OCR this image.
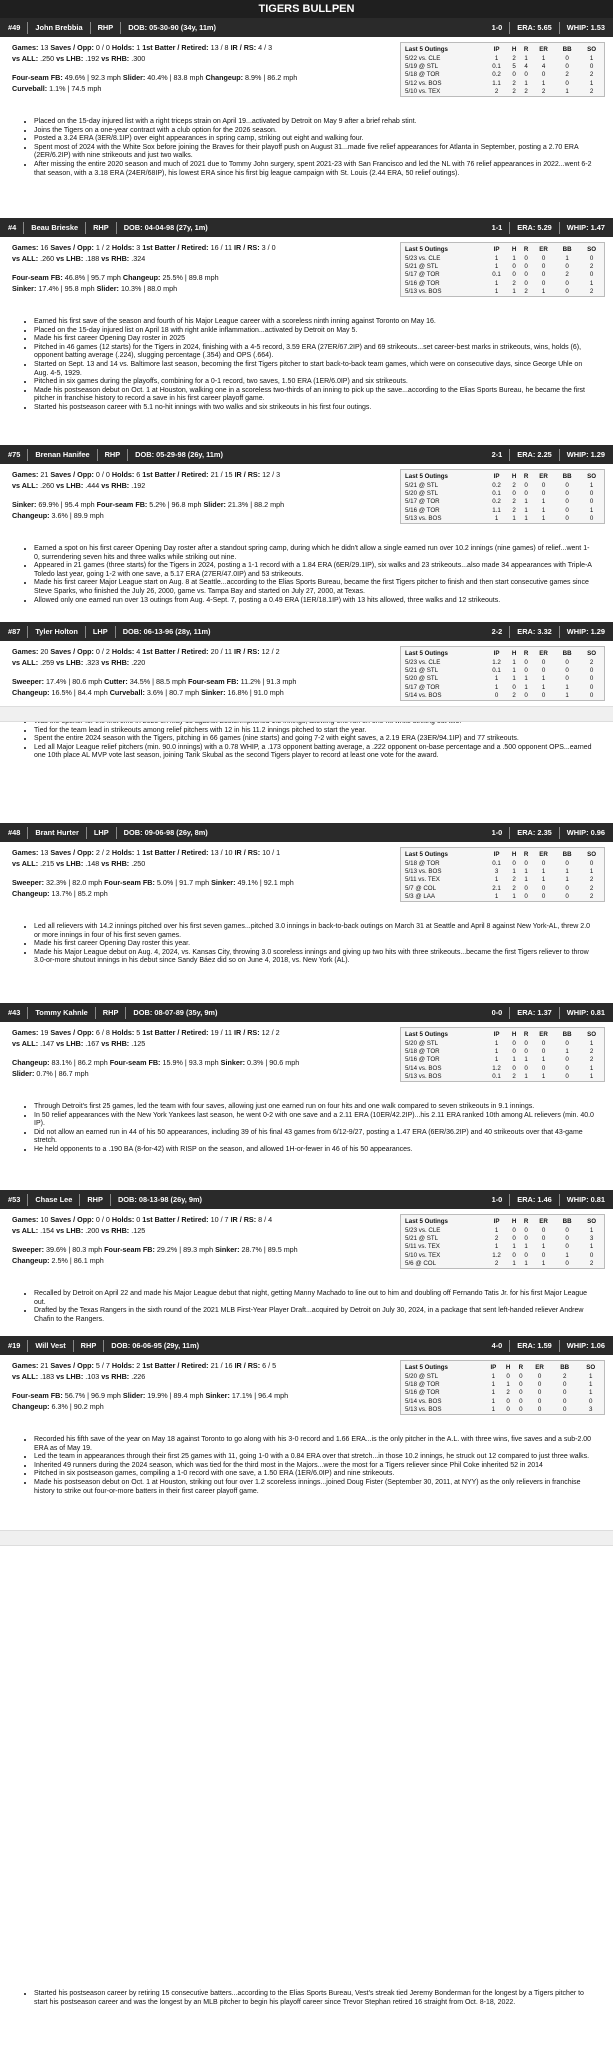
TIGERS BULLPEN
#49 John Brebbia RHP DOB: 05-30-90 (34y, 11m)	1-0 ERA: 5.65 WHIP: 1.53
Games: 13 Saves / Opp: 0 / 0 Holds: 1 1st Batter / Retired: 13 / 8 IR / RS: 4 / 3
vs ALL: .250 vs LHB: .192 vs RHB: .300
Four-seam FB: 49.6% | 92.3 mph Slider: 40.4% | 83.8 mph Changeup: 8.9% | 86.2 mph
Curveball: 1.1% | 74.5 mph
Last 5 Outings	IP	H	R	ER	BB	SO
5/22 vs. CLE	1	2	1	1	0	1
5/19 @ STL	0.1	5	4	4	0	0
5/18 @ TOR	0.2	0	0	0	2	2
5/12 vs. BOS	1.1	2	1	1	0	1
5/10 vs. TEX	2	2	2	2	1	2
• Placed on the 15-day injured list with a right triceps strain on April 19...activated by Detroit on May 9 after a brief rehab stint.
• Joins the Tigers on a one-year contract with a club option for the 2026 season.
• Posted a 3.24 ERA (3ER/8.1IP) over eight appearances in spring camp, striking out eight and walking four.
• Spent most of 2024 with the White Sox before joining the Braves for their playoff push on August 31...made five relief appearances for Atlanta in September, posting a 2.70 ERA (2ER/6.2IP) with nine strikeouts and just two walks.
• After missing the entire 2020 season and much of 2021 due to Tommy John surgery, spent 2021-23 with San Francisco and led the NL with 76 relief appearances in 2022...went 6-2 that season, with a 3.18 ERA (24ER/68IP), his lowest ERA since his first big league campaign with St. Louis (2.44 ERA, 50 relief outings).
#4 Beau Brieske RHP DOB: 04-04-98 (27y, 1m)	1-1 ERA: 5.29 WHIP: 1.47
Games: 16 Saves / Opp: 1 / 2 Holds: 3 1st Batter / Retired: 16 / 11 IR / RS: 3 / 0
vs ALL: .260 vs LHB: .188 vs RHB: .324
Four-seam FB: 46.8% | 95.7 mph Changeup: 25.5% | 89.8 mph
Sinker: 17.4% | 95.8 mph Slider: 10.3% | 88.0 mph
Last 5 Outings	IP	H	R	ER	BB	SO
5/23 vs. CLE	1	1	0	0	1	0
5/21 @ STL	1	0	0	0	0	2
5/17 @ TOR	0.1	0	0	0	2	0
5/16 @ TOR	1	2	0	0	0	1
5/13 vs. BOS	1	1	2	1	0	2
• Earned his first save of the season and fourth of his Major League career with a scoreless ninth inning against Toronto on May 16.
• Placed on the 15-day injured list on April 18 with right ankle inflammation...activated by Detroit on May 5.
• Made his first career Opening Day roster in 2025
• Pitched in 46 games (12 starts) for the Tigers in 2024, finishing with a 4-5 record, 3.59 ERA (27ER/67.2IP) and 69 strikeouts...set career-best marks in strikeouts, wins, holds (6), opponent batting average (.224), slugging percentage (.354) and OPS (.664).
• Started on Sept. 13 and 14 vs. Baltimore last season, becoming the first Tigers pitcher to start back-to-back team games, which were on consecutive days, since George Uhle on Aug. 4-5, 1929.
• Pitched in six games during the playoffs, combining for a 0-1 record, two saves, 1.50 ERA (1ER/6.0IP) and six strikeouts.
• Made his postseason debut on Oct. 1 at Houston, walking one in a scoreless two-thirds of an inning to pick up the save...according to the Elias Sports Bureau, he became the first pitcher in franchise history to record a save in his first career playoff game.
• Started his postseason career with 5.1 no-hit innings with two walks and six strikeouts in his first four outings.
#75 Brenan Hanifee RHP DOB: 05-29-98 (26y, 11m)	2-1 ERA: 2.25 WHIP: 1.29
Games: 21 Saves / Opp: 0 / 0 Holds: 6 1st Batter / Retired: 21 / 15 IR / RS: 12 / 3
vs ALL: .260 vs LHB: .444 vs RHB: .192
Sinker: 69.9% | 95.4 mph Four-seam FB: 5.2% | 96.8 mph Slider: 21.3% | 88.2 mph
Changeup: 3.6% | 89.9 mph
Last 5 Outings	IP	H	R	ER	BB	SO
5/21 @ STL	0.2	2	0	0	0	1
5/20 @ STL	0.1	0	0	0	0	0
5/17 @ TOR	0.2	2	1	1	0	0
5/16 @ TOR	1.1	2	1	1	0	1
5/13 vs. BOS	1	1	1	1	0	0
• Earned a spot on his first career Opening Day roster after a standout spring camp, during which he didn't allow a single earned run over 10.2 innings (nine games) of relief...went 1-0, surrendering seven hits and three walks while striking out nine.
• Appeared in 21 games (three starts) for the Tigers in 2024, posting a 1-1 record with a 1.84 ERA (6ER/29.1IP), six walks and 23 strikeouts...also made 34 appearances with Triple-A Toledo last year, going 1-2 with one save, a 5.17 ERA (27ER/47.0IP) and 53 strikeouts.
• Made his first career Major League start on Aug. 8 at Seattle...according to the Elias Sports Bureau, became the first Tigers pitcher to finish and then start consecutive games since Steve Sparks, who finished the July 26, 2000, game vs. Tampa Bay and started on July 27, 2000, at Texas.
• Allowed only one earned run over 13 outings from Aug. 4-Sept. 7, posting a 0.49 ERA (1ER/18.1IP) with 13 hits allowed, three walks and 12 strikeouts.
#87 Tyler Holton LHP DOB: 06-13-96 (28y, 11m)	2-2 ERA: 3.32 WHIP: 1.29
Games: 20 Saves / Opp: 0 / 2 Holds: 4 1st Batter / Retired: 20 / 11 IR / RS: 12 / 2
vs ALL: .259 vs LHB: .323 vs RHB: .220
Sweeper: 17.4% | 80.6 mph Cutter: 34.5% | 88.5 mph Four-seam FB: 11.2% | 91.3 mph
Changeup: 16.5% | 84.4 mph Curveball: 3.6% | 80.7 mph Sinker: 16.8% | 91.0 mph
Last 5 Outings	IP	H	R	ER	BB	SO
5/23 vs. CLE	1.2	1	0	0	0	2
5/21 @ STL	0.1	1	0	0	0	0
5/20 @ STL	1	1	1	1	0	0
5/17 @ TOR	1	0	1	1	1	0
5/14 vs. BOS	0	2	0	0	1	0
•
• Tied for the team lead in strikeouts among relief pitchers with 12 in his 11.2 innings pitched to start the year.
• Spent the entire 2024 season with the Tigers, pitching in 66 games (nine starts) and going 7-2 with eight saves, a 2.19 ERA (23ER/94.1IP) and 77 strikeouts.
• Led all Major League relief pitchers (min. 90.0 innings) with a 0.78 WHIP, a .173 opponent batting average, a .222 opponent on-base percentage and a .500 opponent OPS...earned one 10th place AL MVP vote last season, joining Tarik Skubal as the second Tigers player to record at least one vote for the award.
#48 Brant Hurter LHP DOB: 09-06-98 (26y, 8m)	1-0 ERA: 2.35 WHIP: 0.96
Games: 13 Saves / Opp: 2 / 2 Holds: 1 1st Batter / Retired: 13 / 10 IR / RS: 10 / 1
vs ALL: .215 vs LHB: .148 vs RHB: .250
Sweeper: 32.3% | 82.0 mph Four-seam FB: 5.0% | 91.7 mph Sinker: 49.1% | 92.1 mph
Changeup: 13.7% | 85.2 mph
Last 5 Outings	IP	H	R	ER	BB	SO
5/18 @ TOR	0.1	0	0	0	0	0
5/13 vs. BOS	3	1	1	1	1	1
5/11 vs. TEX	1	2	1	1	1	2
5/7 @ COL	2.1	2	0	0	0	2
5/3 @ LAA	1	1	0	0	0	2
• Led all relievers with 14.2 innings pitched over his first seven games...pitched 3.0 innings in back-to-back outings on March 31 at Seattle and April 8 against New York-AL, threw 2.0 or more innings in four of his first seven games.
• Made his first career Opening Day roster this year.
• Made his Major League debut on Aug. 4, 2024, vs. Kansas City, throwing 3.0 scoreless innings and giving up two hits with three strikeouts...became the first Tigers reliever to throw 3.0-or-more shutout innings in his debut since Sandy Báez did so on June 4, 2018, vs. New York (AL).
#43 Tommy Kahnle RHP DOB: 08-07-89 (35y, 9m)	0-0 ERA: 1.37 WHIP: 0.81
Games: 19 Saves / Opp: 6 / 8 Holds: 5 1st Batter / Retired: 19 / 11 IR / RS: 12 / 2
vs ALL: .147 vs LHB: .167 vs RHB: .125
Changeup: 83.1% | 86.2 mph Four-seam FB: 15.9% | 93.3 mph Sinker: 0.3% | 90.6 mph
Slider: 0.7% | 86.7 mph
Last 5 Outings	IP	H	R	ER	BB	SO
5/20 @ STL	1	0	0	0	0	1
5/18 @ TOR	1	0	0	0	1	2
5/16 @ TOR	1	1	1	1	0	2
5/14 vs. BOS	1.2	0	0	0	0	1
5/13 vs. BOS	0.1	2	1	1	0	1
• Through Detroit's first 25 games, led the team with four saves, allowing just one earned run on four hits and one walk compared to seven strikeouts in 9.1 innings.
• In 50 relief appearances with the New York Yankees last season, he went 0-2 with one save and a 2.11 ERA (10ER/42.2IP)...his 2.11 ERA ranked 10th among AL relievers (min. 40.0 IP).
• Did not allow an earned run in 44 of his 50 appearances, including 39 of his final 43 games from 6/12-9/27, posting a 1.47 ERA (6ER/36.2IP) and 40 strikeouts over that 43-game stretch.
• He held opponents to a .190 BA (8-for-42) with RISP on the season, and allowed 1H-or-fewer in 46 of his 50 appearances.
#53 Chase Lee RHP DOB: 08-13-98 (26y, 9m)	1-0 ERA: 1.46 WHIP: 0.81
Games: 10 Saves / Opp: 0 / 0 Holds: 0 1st Batter / Retired: 10 / 7 IR / RS: 8 / 4
vs ALL: .154 vs LHB: .200 vs RHB: .125
Sweeper: 39.6% | 80.3 mph Four-seam FB: 29.2% | 89.3 mph Sinker: 28.7% | 89.5 mph
Changeup: 2.5% | 86.1 mph
Last 5 Outings	IP	H	R	ER	BB	SO
5/23 vs. CLE	1	0	0	0	0	1
5/21 @ STL	2	0	0	0	0	3
5/11 vs. TEX	1	1	1	1	0	1
5/10 vs. TEX	1.2	0	0	0	1	0
5/6 @ COL	2	1	1	1	0	2
• Recalled by Detroit on April 22 and made his Major League debut that night, getting Manny Machado to line out to him and doubling off Fernando Tatis Jr. for his first Major League out.
• Drafted by the Texas Rangers in the sixth round of the 2021 MLB First-Year Player Draft...acquired by Detroit on July 30, 2024, in a package that sent left-handed reliever Andrew Chafin to the Rangers.
#19 Will Vest RHP DOB: 06-06-95 (29y, 11m)	4-0 ERA: 1.59 WHIP: 1.06
Games: 21 Saves / Opp: 5 / 7 Holds: 2 1st Batter / Retired: 21 / 16 IR / RS: 6 / 5
vs ALL: .183 vs LHB: .103 vs RHB: .226
Four-seam FB: 56.7% | 96.9 mph Slider: 19.9% | 89.4 mph Sinker: 17.1% | 96.4 mph
Changeup: 6.3% | 90.2 mph
Last 5 Outings	IP	H	R	ER	BB	SO
5/20 @ STL	1	0	0	0	2	1
5/18 @ TOR	1	1	0	0	0	1
5/16 @ TOR	1	2	0	0	0	1
5/14 vs. BOS	1	0	0	0	0	0
5/13 vs. BOS	1	0	0	0	0	3
• Recorded his fifth save of the year on May 18 against Toronto to go along with his 3-0 record and 1.66 ERA...is the only pitcher in the A.L. with three wins, five saves and a sub-2.00 ERA as of May 19.
• Led the team in appearances through their first 25 games with 11, going 1-0 with a 0.84 ERA over that stretch...in those 10.2 innings, he struck out 12 compared to just three walks.
• Inherited 49 runners during the 2024 season, which was tied for the third most in the Majors...were the most for a Tigers reliever since Phil Coke inherited 52 in 2014
• Pitched in six postseason games, compiling a 1-0 record with one save, a 1.50 ERA (1ER/6.0IP) and nine strikeouts.
• Made his postseason debut on Oct. 1 at Houston, striking out four over 1.2 scoreless innings...joined Doug Fister (September 30, 2011, at NYY) as the only relievers in franchise history to strike out four-or-more batters in their first career playoff game.
• Started his postseason career by retiring 15 consecutive batters...according to the Elias Sports Bureau, Vest's streak tied Jeremy Bonderman for the longest by a Tigers pitcher to start his postseason career and was the longest by an MLB pitcher to begin his playoff career since Trevor Stephan retired 16 straight from Oct. 8-18, 2022.
